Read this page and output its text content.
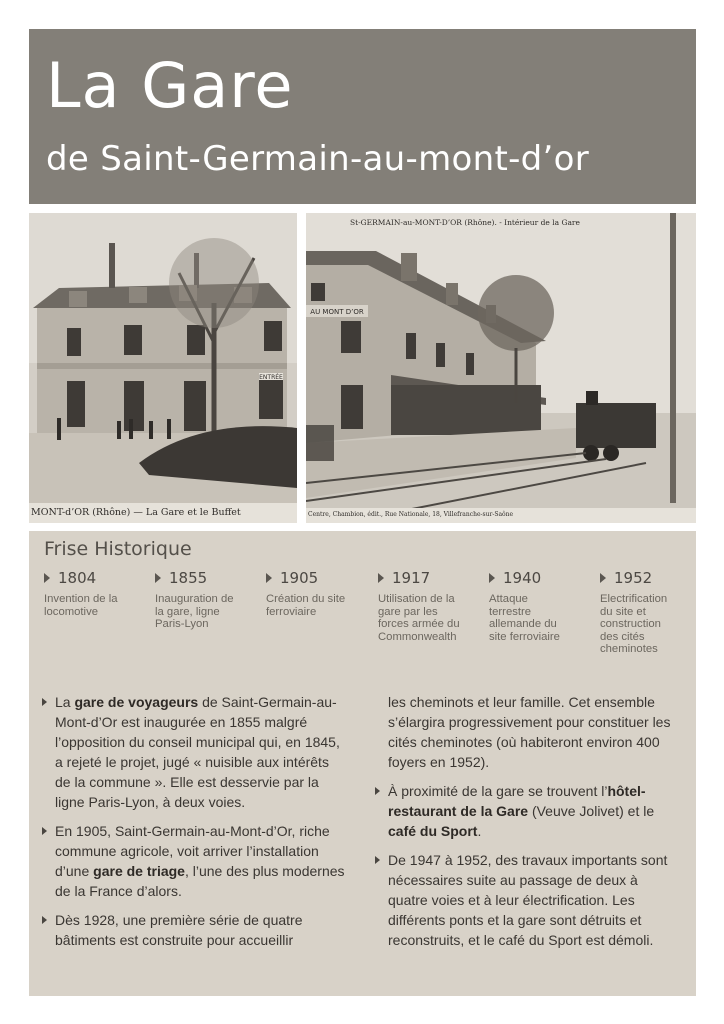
La Gare
de Saint-Germain-au-mont-d’or
ENTRÉE
MONT-d’OR (Rhône) — La Gare et le Buffet
AU MONT D’OR
St-GERMAIN-au-MONT-D’OR (Rhône). - Intérieur de la Gare
Centre, Chambion, édit., Rue Nationale, 18, Villefranche-sur-Saône
Frise Historique
1804
Invention de la
locomotive
1855
Inauguration de
la gare, ligne
Paris-Lyon
1905
Création du site
ferroviaire
1917
Utilisation de la
gare par les
forces armée du
Commonwealth
1940
Attaque
terrestre
allemande du
site ferroviaire
1952
Electrification
du site et
construction
des cités
cheminotes

La gare de voyageurs de Saint-Germain-au-Mont-d’Or est inaugurée en 1855 malgré l’opposition du conseil municipal qui, en 1845, a rejeté le projet, jugé « nuisible aux intérêts de la commune ». Elle est desservie par la ligne Paris-Lyon, à deux voies.

En 1905, Saint-Germain-au-Mont-d’Or, riche commune agricole, voit arriver l’installation d’une gare de triage, l’une des plus modernes de la France d’alors.

Dès 1928, une première série de quatre bâtiments est construite pour accueillir

les cheminots et leur famille. Cet ensemble s’élargira progressivement pour constituer les cités cheminotes (où habiteront environ 400 foyers en 1952).

À proximité de la gare se trouvent l’hôtel-restaurant de la Gare (Veuve Jolivet) et le café du Sport.

De 1947 à 1952, des travaux importants sont nécessaires suite au passage de deux à quatre voies et à leur électrification. Les différents ponts et la gare sont détruits et reconstruits, et le café du Sport est démoli.
